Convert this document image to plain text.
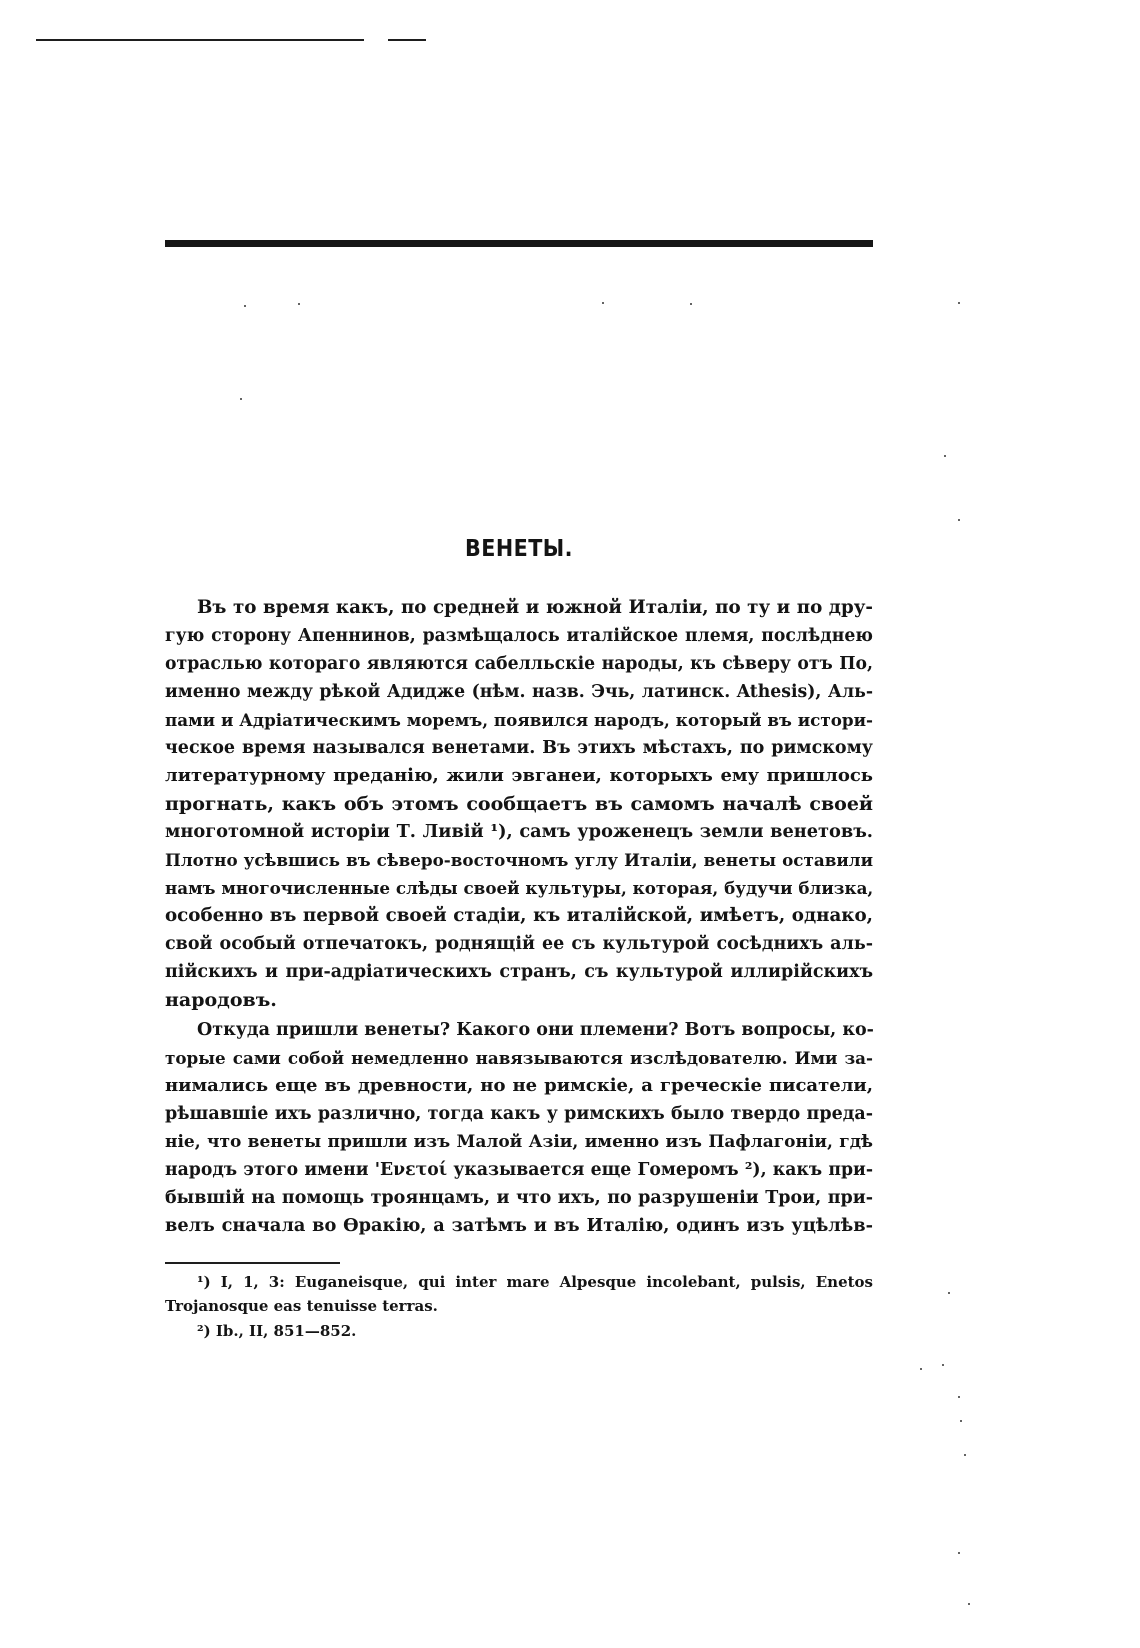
ВЕНЕТЫ.
Въ то время какъ, по средней и южной Италіи, по ту и по дру-
гую сторону Апеннинов, размѣщалось италійское племя, послѣднею
отраслью котораго являются сабелльскіе народы, къ сѣверу отъ По,
именно между рѣкой Адидже (нѣм. назв. Эчь, латинск. Athesis), Аль-
пами и Адріатическимъ моремъ, появился народъ, который въ истори-
ческое время назывался венетами. Въ этихъ мѣстахъ, по римскому
литературному преданію, жили эвганеи, которыхъ ему пришлось
прогнать, какъ объ этомъ сообщаетъ въ самомъ началѣ своей
многотомной исторіи Т. Ливій ¹), самъ уроженецъ земли венетовъ.
Плотно усѣвшись въ сѣверо-восточномъ углу Италіи, венеты оставили
намъ многочисленные слѣды своей культуры, которая, будучи близка,
особенно въ первой своей стадіи, къ италійской, имѣетъ, однако,
свой особый отпечатокъ, роднящій ее съ культурой сосѣднихъ аль-
пійскихъ и при-адріатическихъ странъ, съ культурой иллирійскихъ
народовъ.
Откуда пришли венеты? Какого они племени? Вотъ вопросы, ко-
торые сами собой немедленно навязываются изслѣдователю. Ими за-
нимались еще въ древности, но не римскіе, а греческіе писатели,
рѣшавшіе ихъ различно, тогда какъ у римскихъ было твердо преда-
ніе, что венеты пришли изъ Малой Азіи, именно изъ Пафлагоніи, гдѣ
народъ этого имени 'Ενετοί указывается еще Гомеромъ ²), какъ при-
бывшій на помощь троянцамъ, и что ихъ, по разрушеніи Трои, при-
велъ сначала во Ѳракію, а затѣмъ и въ Италію, одинъ изъ уцѣлѣв-
¹) I, 1, 3: Euganeisque, qui inter mare Alpesque incolebant, pulsis, Enetos
Trojanosque eas tenuisse terras.
²) Ib., II, 851—852.
